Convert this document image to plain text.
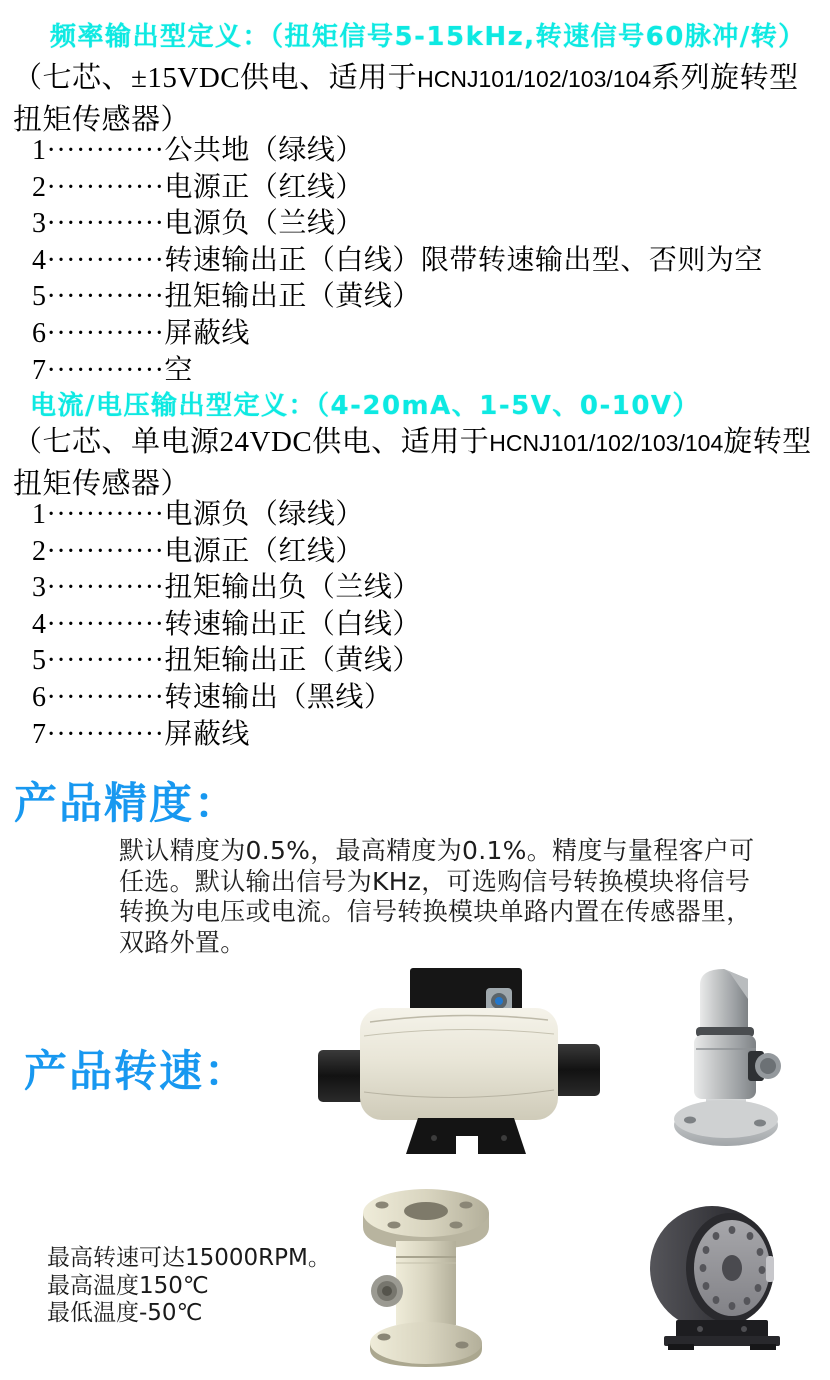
频率输出型定义：（扭矩信号5-15kHz,转速信号60脉冲/转）
（七芯、±15VDC供电、适用于HCNJ101/102/103/104系列旋转型扭矩传感器）
1············公共地（绿线）
2············电源正（红线）
3············电源负（兰线）
4············转速输出正（白线）限带转速输出型、否则为空
5············扭矩输出正（黄线）
6············屏蔽线
7············空
电流/电压输出型定义：（4-20mA、1-5V、0-10V）
（七芯、单电源24VDC供电、适用于HCNJ101/102/103/104旋转型扭矩传感器）
1············电源负（绿线）
2············电源正（红线）
3············扭矩输出负（兰线）
4············转速输出正（白线）
5············扭矩输出正（黄线）
6············转速输出（黑线）
7············屏蔽线
产品精度：
默认精度为0.5%，最高精度为0.1%。精度与量程客户可任选。默认输出信号为KHz，可选购信号转换模块将信号转换为电压或电流。信号转换模块单路内置在传感器里，双路外置。
产品转速：
最高转速可达15000RPM。
最高温度150℃
最低温度-50℃
